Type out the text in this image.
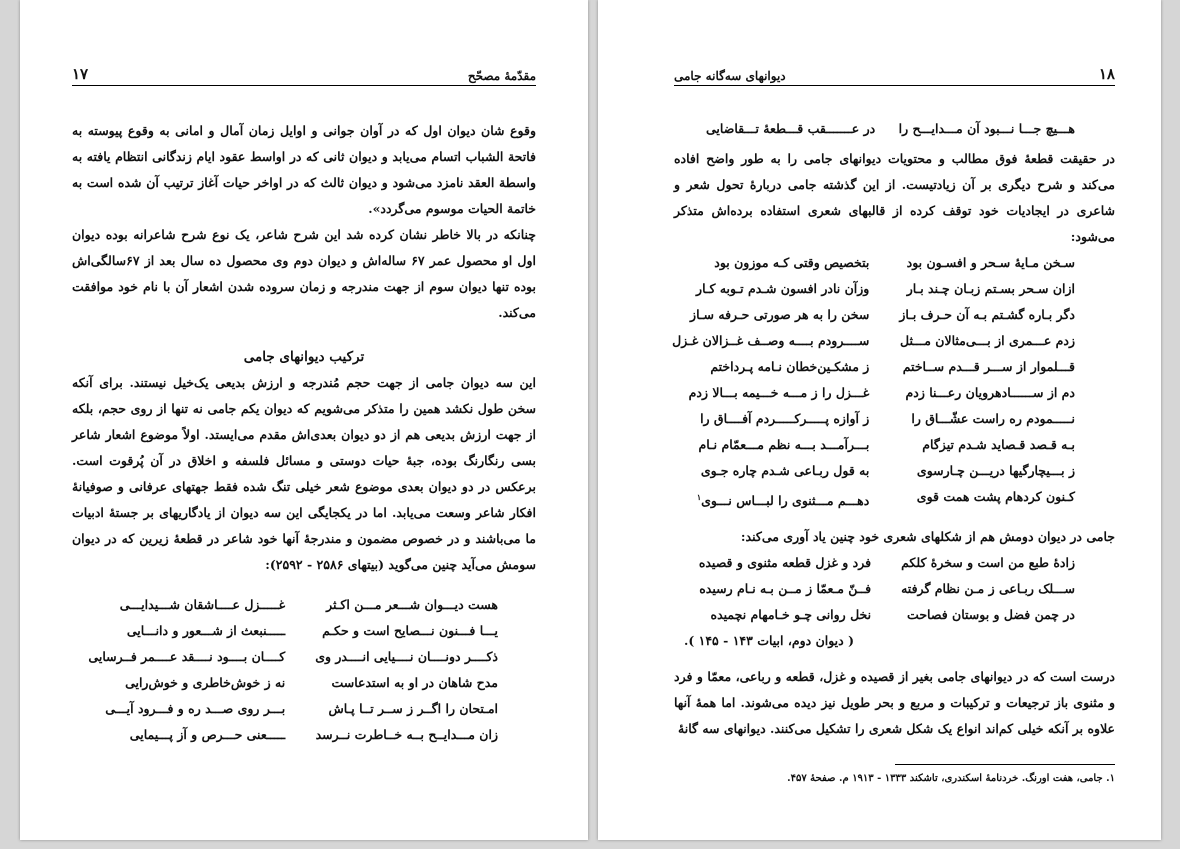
۱۷	مقدّمهٔ مصحّح

وقوع شان دیوان اول که در آوان جوانی و اوایل زمان آمال و امانی به وقوع پیوسته به فاتحة الشباب اتسام می‌یابد و دیوان ثانی که در اواسط عقود ایام زندگانی انتظام یافته به واسطة العقد نامزد می‌شود و دیوان ثالث که در اواخر حیات آغاز ترتیب آن شده است به خاتمة الحیات موسوم می‌گردد».

چنانکه در بالا خاطر نشان کرده شد این شرح شاعر، یک نوع شرح شاعرانه بوده دیوان اول او محصول عمر ۶۷ ساله‌اش و دیوان دوم وی محصول ده سال بعد از ۶۷سالگی‌اش بوده تنها دیوان سوم از جهت مندرجه و زمان سروده شدن اشعار آن با نام خود موافقت می‌کند.

ترکیب دیوانهای جامی

این سه دیوان جامی از جهت حجم مُندرجه و ارزش بدیعی یک‌خیل نیستند. برای آنکه سخن طول نکشد همین را متذکر می‌شویم که دیوان یکم جامی نه تنها از روی حجم، بلکه از جهت ارزش بدیعی هم از دو دیوان بعدی‌اش مقدم می‌ایستد. اولاً موضوع اشعار شاعر بسی رنگارنگ بوده، جبهٔ حیات دوستی و مسائل فلسفه و اخلاق در آن پُرقوت است. برعکس در دو دیوان بعدی موضوع شعر خیلی تنگ شده فقط جهتهای عرفانی و صوفیانهٔ افکار شاعر وسعت می‌یابد. اما در یکجایگی این سه دیوان از یادگاریهای بر جستهٔ ادبیات ما می‌باشند و در خصوص مضمون و مندرجهٔ آنها خود شاعر در قطعهٔ زیرین که در دیوان سومش می‌آید چنین می‌گوید (بیتهای ۲۵۸۶ - ۲۵۹۲):

هست دیـــوان شـــعر مـــن اکـثر
غـــــزل عــــاشقان شـــیدایـــی
یـــا فـــنون نـــصایح است و حکـم
ـــــنبعث از شـــعور و دانـــایی
ذکــــر دونــــان نــــیایی انــــدر وی
کــــان بــــود نــــقد عــــمر فــرسایی
مدح شاهان در او به استدعاست
نه ز خوش‌خاطری و خوش‌رایی
امـتحان را اگــر ز ســر تــا پـاش
بـــر روی صـــد ره و فـــرود آیـــی
زان مـــدایــح بــه خــاطرت نــرسد
ـــــعنی حـــرص و آز پـــیمایی
دیوانهای سه‌گانه جامی	۱۸
هـــیچ جـــا نـــبود آن مـــدایـــح را
در عـــــــقب قـــطعهٔ تـــقاضایی

در حقیقت قطعهٔ فوق مطالب و محتویات دیوانهای جامی را به طور واضح افاده می‌کند و شرح دیگری بر آن زیادتیست. از این گذشته جامی دربارهٔ تحول شعر و شاعری در ایجادیات خود توقف کرده از قالبهای شعری استفاده برده‌اش متذکر می‌شود:

سـخن مـایهٔ سـحر و افسـون بود
بتخصیص وقتی کـه موزون بود
ازان سـحر بسـتم زبـان چـند بـار
وزآن نادر افسون شـدم تـوبه کـار
دگر بـاره گشـتم بـه آن حـرف بـاز
سخن را به هر صورتی حـرفه سـاز
زدم عـــمری از بـــی‌مثالان مـــثل
ســــرودم بــــه وصــف غــزالان غـزل
قـــلموار از ســـر قـــدم ســاختم
ز مشکـین‌خطان نـامه پـرداختم
دم از ســــــادهرویان رعـــنا زدم
غـــزل را ز مـــه خـــیمه بـــالا زدم
نـــــمودم ره راست عشّـــاق را
ز آوازه پـــــرکـــــردم آفــــاق را
بـه قـصد قـصاید شـدم تیزگام
بـــرآمـــد بـــه نظم مـــعمّام نـام
ز بـــیچارگیها دریـــن چـارسوی
به قول ربـاعی شـدم چاره جـوی
کـنون کردهام پشت همت قوی
دهـــم مـــثنوی را لبـــاس نـــوی$^۱$

جامی در دیوان دومش هم از شکلهای شعری خود چنین یاد آوری می‌کند:

زادهٔ طبع من است و سخرهٔ کلکم
فرد و غزل قطعه مثنوی و قصیده
ســـلک ربـاعی ز مـن نظام گرفته
فــنّ مـعمّا ز مــن بـه نـام رسیده
در چمن فضل و بوستان فصاحت
نخل روانی چـو خـامهام نچمیده

( دیوان دوم، ابیات ۱۴۳ - ۱۴۵ ).

درست است که در دیوانهای جامی بغیر از قصیده و غزل، قطعه و رباعی، معمّا و فرد و مثنوی باز ترجیعات و ترکیبات و مربع و بحر طویل نیز دیده می‌شوند. اما همهٔ آنها علاوه بر آنکه خیلی کم‌اند انواع یک شکل شعری را تشکیل می‌کنند. دیوانهای سه گانهٔ

۱. جامی، هفت اورنگ. خردنامهٔ اسکندری، تاشکند ۱۳۳۳ - ۱۹۱۳ م. صفحهٔ ۴۵۷.
